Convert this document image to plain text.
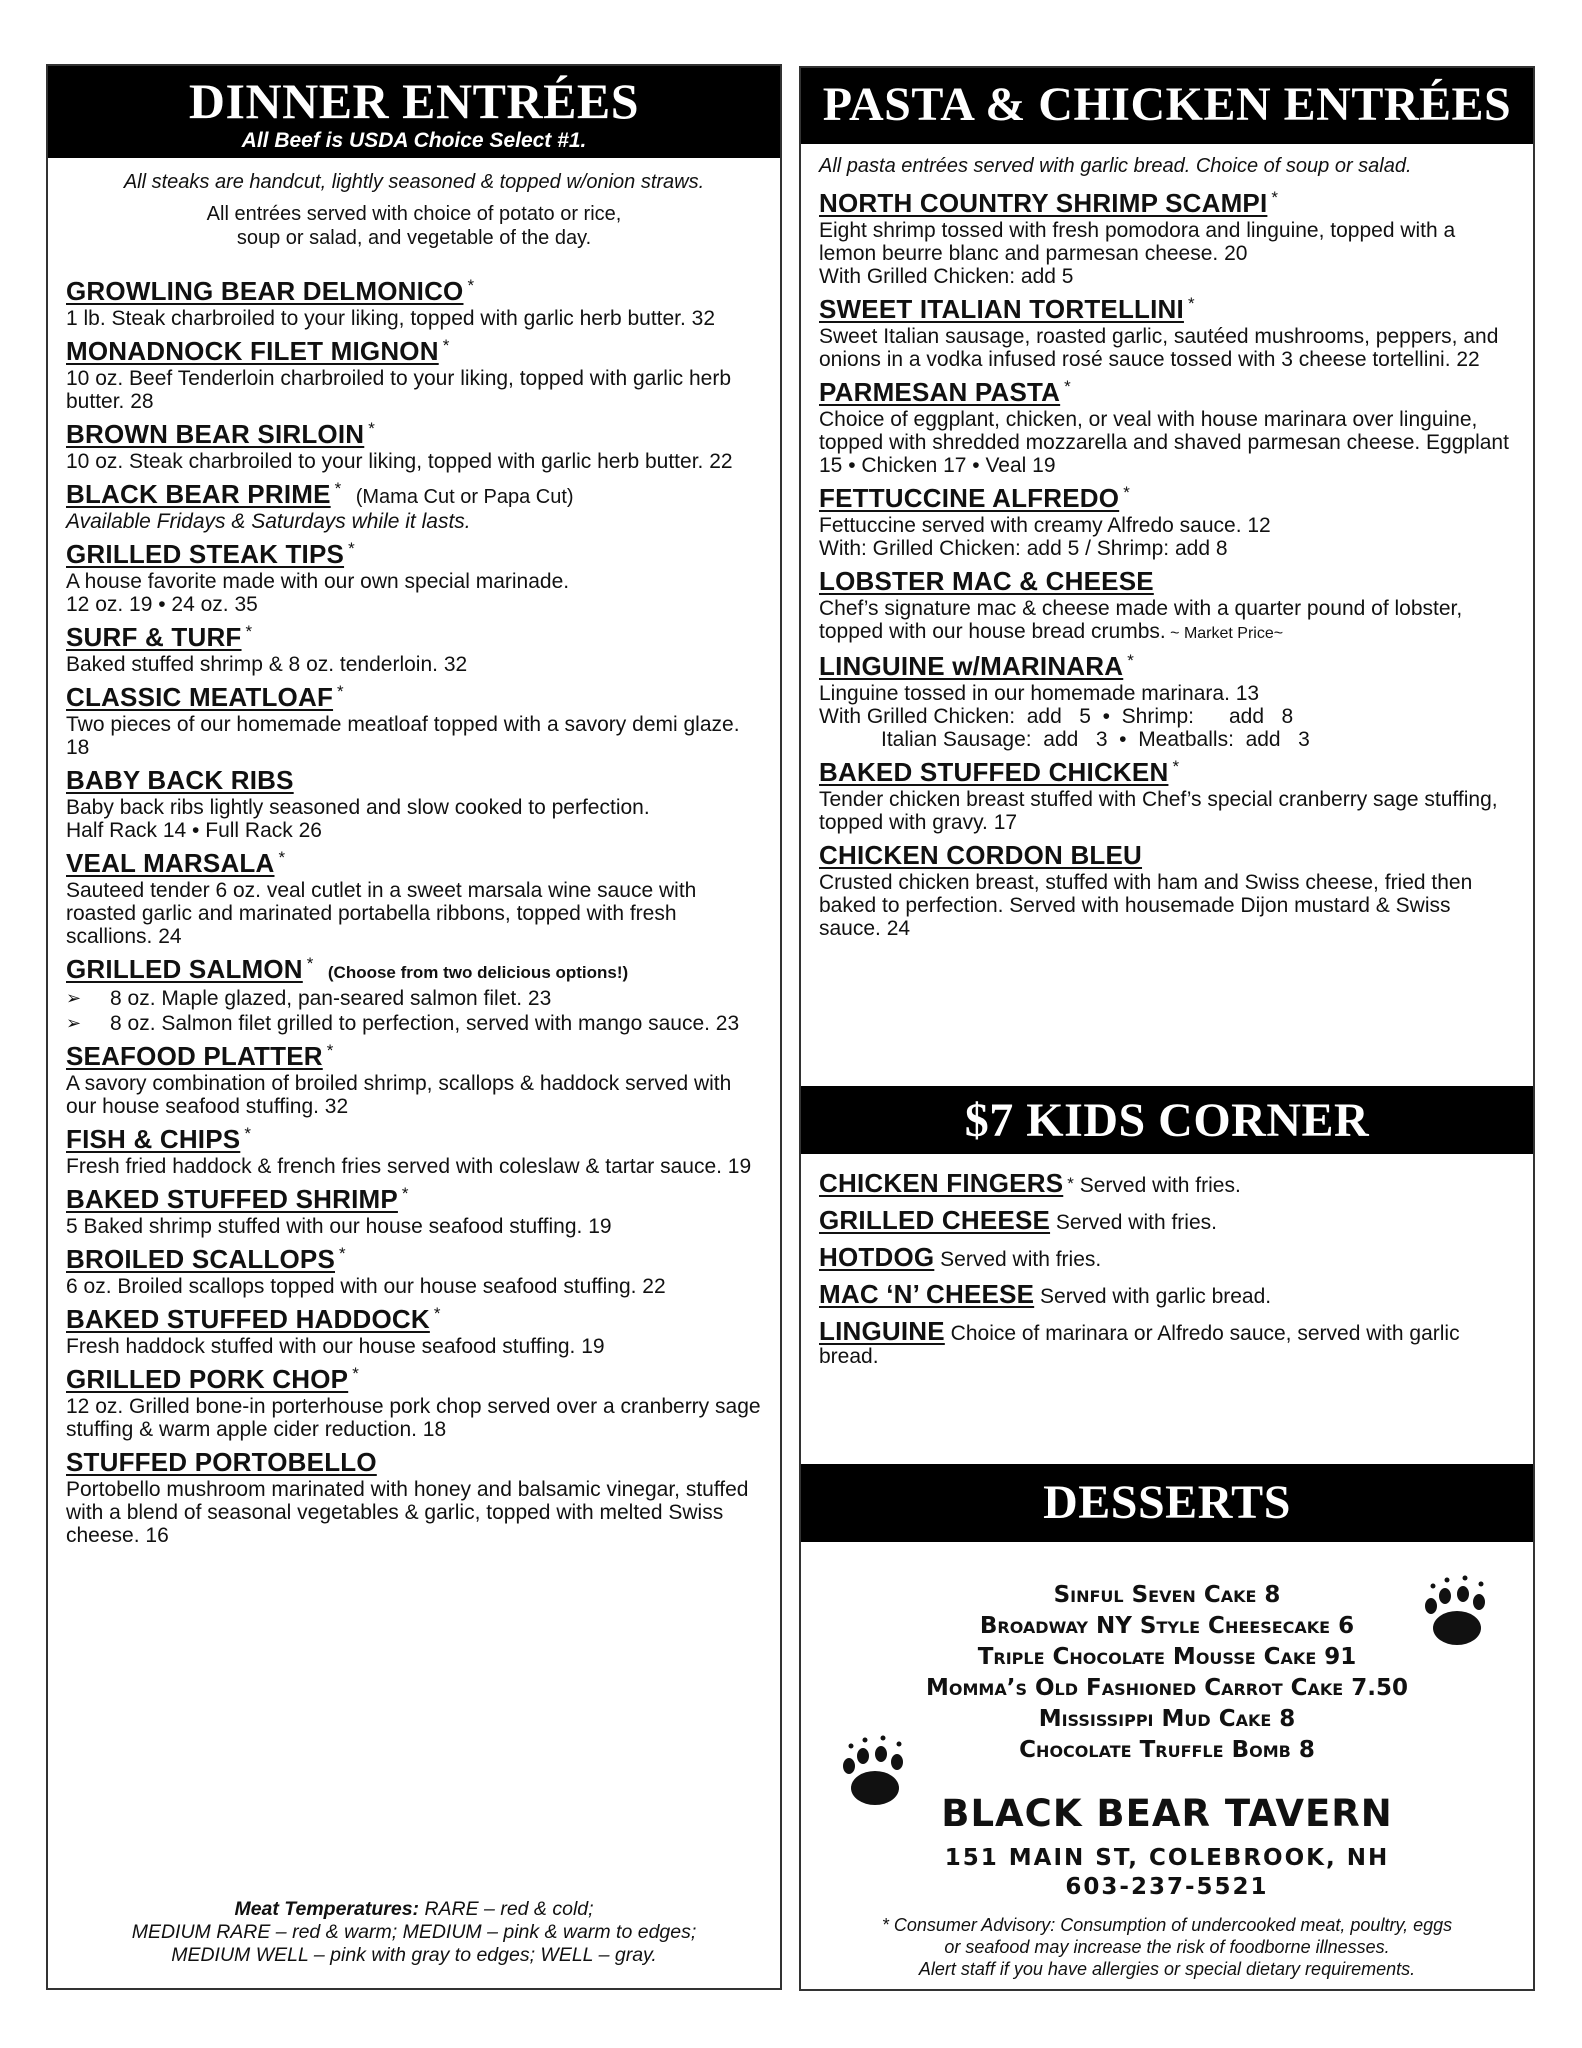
DINNER ENTRÉES
All Beef is USDA Choice Select #1.
All steaks are handcut, lightly seasoned & topped w/onion straws.
All entrées served with choice of potato or rice,
soup or salad, and vegetable of the day.
GROWLING BEAR DELMONICO *
1 lb. Steak charbroiled to your liking, topped with garlic herb butter. 32
MONADNOCK FILET MIGNON *
10 oz. Beef Tenderloin charbroiled to your liking, topped with garlic herb butter. 28
BROWN BEAR SIRLOIN *
10 oz. Steak charbroiled to your liking, topped with garlic herb butter. 22
BLACK BEAR PRIME * (Mama Cut or Papa Cut)
Available Fridays & Saturdays while it lasts.
GRILLED STEAK TIPS *
A house favorite made with our own special marinade.
12 oz. 19 • 24 oz. 35
SURF & TURF *
Baked stuffed shrimp & 8 oz. tenderloin. 32
CLASSIC MEATLOAF *
Two pieces of our homemade meatloaf topped with a savory demi glaze. 18
BABY BACK RIBS
Baby back ribs lightly seasoned and slow cooked to perfection.
Half Rack 14 • Full Rack 26
VEAL MARSALA *
Sauteed tender 6 oz. veal cutlet in a sweet marsala wine sauce with roasted garlic and marinated portabella ribbons, topped with fresh scallions. 24
GRILLED SALMON * (Choose from two delicious options!)
➢	8 oz. Maple glazed, pan-seared salmon filet. 23
➢	8 oz. Salmon filet grilled to perfection, served with mango sauce. 23
SEAFOOD PLATTER *
A savory combination of broiled shrimp, scallops & haddock served with our house seafood stuffing. 32
FISH & CHIPS *
Fresh fried haddock & french fries served with coleslaw & tartar sauce. 19
BAKED STUFFED SHRIMP *
5 Baked shrimp stuffed with our house seafood stuffing. 19
BROILED SCALLOPS *
6 oz. Broiled scallops topped with our house seafood stuffing. 22
BAKED STUFFED HADDOCK *
Fresh haddock stuffed with our house seafood stuffing. 19
GRILLED PORK CHOP *
12 oz. Grilled bone-in porterhouse pork chop served over a cranberry sage stuffing & warm apple cider reduction. 18
STUFFED PORTOBELLO
Portobello mushroom marinated with honey and balsamic vinegar, stuffed with a blend of seasonal vegetables & garlic, topped with melted Swiss cheese. 16
Meat Temperatures: RARE – red & cold;
MEDIUM RARE – red & warm; MEDIUM – pink & warm to edges;
MEDIUM WELL – pink with gray to edges; WELL – gray.
PASTA & CHICKEN ENTRÉES
All pasta entrées served with garlic bread. Choice of soup or salad.
NORTH COUNTRY SHRIMP SCAMPI *
Eight shrimp tossed with fresh pomodora and linguine, topped with a lemon beurre blanc and parmesan cheese. 20
With Grilled Chicken: add 5
SWEET ITALIAN TORTELLINI *
Sweet Italian sausage, roasted garlic, sautéed mushrooms, peppers, and onions in a vodka infused rosé sauce tossed with 3 cheese tortellini. 22
PARMESAN PASTA *
Choice of eggplant, chicken, or veal with house marinara over linguine, topped with shredded mozzarella and shaved parmesan cheese. Eggplant 15 • Chicken 17 • Veal 19
FETTUCCINE ALFREDO *
Fettuccine served with creamy Alfredo sauce. 12
With: Grilled Chicken: add 5 / Shrimp: add 8
LOBSTER MAC & CHEESE
Chef’s signature mac & cheese made with a quarter pound of lobster, topped with our house bread crumbs. ~ Market Price~
LINGUINE w/MARINARA *
Linguine tossed in our homemade marinara. 13
With Grilled Chicken:  add   5  •  Shrimp:      add   8
Italian Sausage:  add   3  •  Meatballs:  add   3
BAKED STUFFED CHICKEN *
Tender chicken breast stuffed with Chef’s special cranberry sage stuffing, topped with gravy. 17
CHICKEN CORDON BLEU
Crusted chicken breast, stuffed with ham and Swiss cheese, fried then baked to perfection. Served with housemade Dijon mustard & Swiss sauce. 24
$7 KIDS CORNER
CHICKEN FINGERS * Served with fries.
GRILLED CHEESE Served with fries.
HOTDOG Served with fries.
MAC ‘N’ CHEESE Served with garlic bread.
LINGUINE Choice of marinara or Alfredo sauce, served with garlic bread.
DESSERTS
Sinful Seven Cake 8
Broadway NY Style Cheesecake 6
Triple Chocolate Mousse Cake 91
Momma’s Old Fashioned Carrot Cake 7.50
Mississippi Mud Cake 8
Chocolate Truffle Bomb 8
BLACK BEAR TAVERN
151 MAIN ST, COLEBROOK, NH
603-237-5521
* Consumer Advisory: Consumption of undercooked meat, poultry, eggs
or seafood may increase the risk of foodborne illnesses.
Alert staff if you have allergies or special dietary requirements.
